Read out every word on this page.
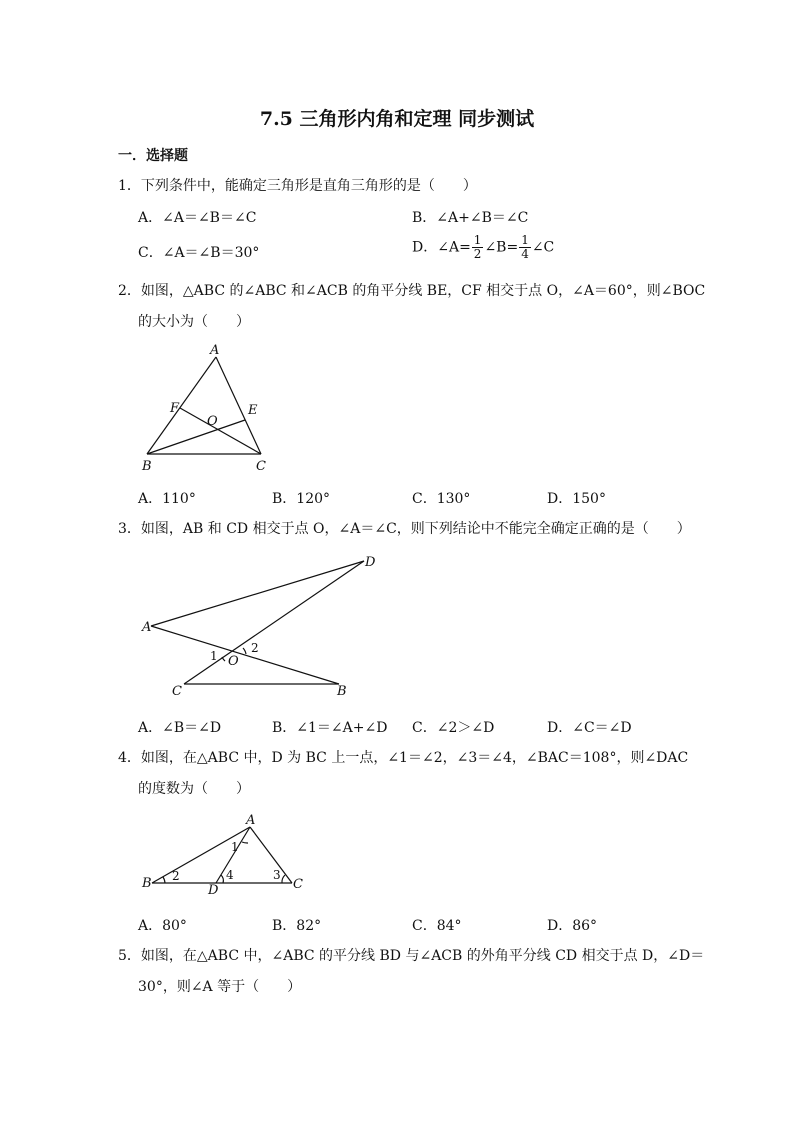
7.5 三角形内角和定理 同步测试
一．选择题
1．下列条件中，能确定三角形是直角三角形的是（　　）
A．∠A＝∠B＝∠C	B．∠A+∠B＝∠C
C．∠A＝∠B＝30°	D．∠A= $\frac{1}{2}$ ∠B= $\frac{1}{4}$ ∠C
2．如图，△ABC 的∠ABC 和∠ACB 的角平分线 BE，CF 相交于点 O，∠A＝60°，则∠BOC
的大小为（　　）
A
B	C
E
F
O
A．110°	B．120°	C．130°	D．150°
3．如图，AB 和 CD 相交于点 O，∠A＝∠C，则下列结论中不能完全确定正确的是（　　）
A
D
C	B
O
1
2
A．∠B＝∠D	B．∠1＝∠A+∠D C．∠2＞∠D	D．∠C＝∠D
4．如图，在△ABC 中，D 为 BC 上一点，∠1＝∠2，∠3＝∠4，∠BAC＝108°，则∠DAC
的度数为（　　）
A
B	C
D
1
2	3
4
A．80°	B．82°	C．84°	D．86°
5．如图，在△ABC 中，∠ABC 的平分线 BD 与∠ACB 的外角平分线 CD 相交于点 D，∠D＝
30°，则∠A 等于（　　）
